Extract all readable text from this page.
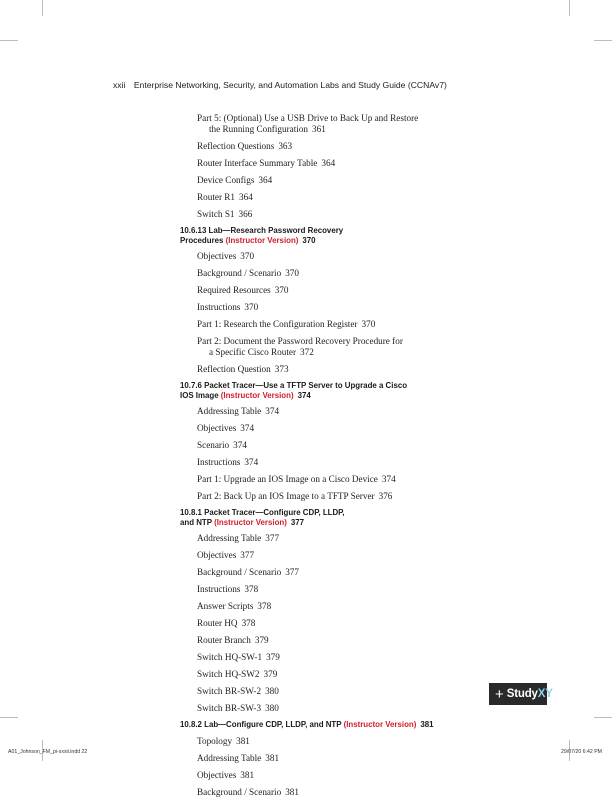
xxii Enterprise Networking, Security, and Automation Labs and Study Guide (CCNAv7)
Part 5: (Optional) Use a USB Drive to Back Up and Restore
the Running Configuration 361
Reflection Questions 363
Router Interface Summary Table 364
Device Configs 364
Router R1 364
Switch S1 366
10.6.13 Lab—Research Password Recovery
Procedures (Instructor Version) 370
Objectives 370
Background / Scenario 370
Required Resources 370
Instructions 370
Part 1: Research the Configuration Register 370
Part 2: Document the Password Recovery Procedure for
a Specific Cisco Router 372
Reflection Question 373
10.7.6 Packet Tracer—Use a TFTP Server to Upgrade a Cisco
IOS Image (Instructor Version) 374
Addressing Table 374
Objectives 374
Scenario 374
Instructions 374
Part 1: Upgrade an IOS Image on a Cisco Device 374
Part 2: Back Up an IOS Image to a TFTP Server 376
10.8.1 Packet Tracer—Configure CDP, LLDP,
and NTP (Instructor Version) 377
Addressing Table 377
Objectives 377
Background / Scenario 377
Instructions 378
Answer Scripts 378
Router HQ 378
Router Branch 379
Switch HQ-SW-1 379
Switch HQ-SW2 379
Switch BR-SW-2 380
Switch BR-SW-3 380
10.8.2 Lab—Configure CDP, LLDP, and NTP (Instructor Version) 381
Topology 381
Addressing Table 381
Objectives 381
Background / Scenario 381
+ StudyXY
A01_Johnson_FM_pi-xxxii.indd 22	29/07/20 6:42 PM
